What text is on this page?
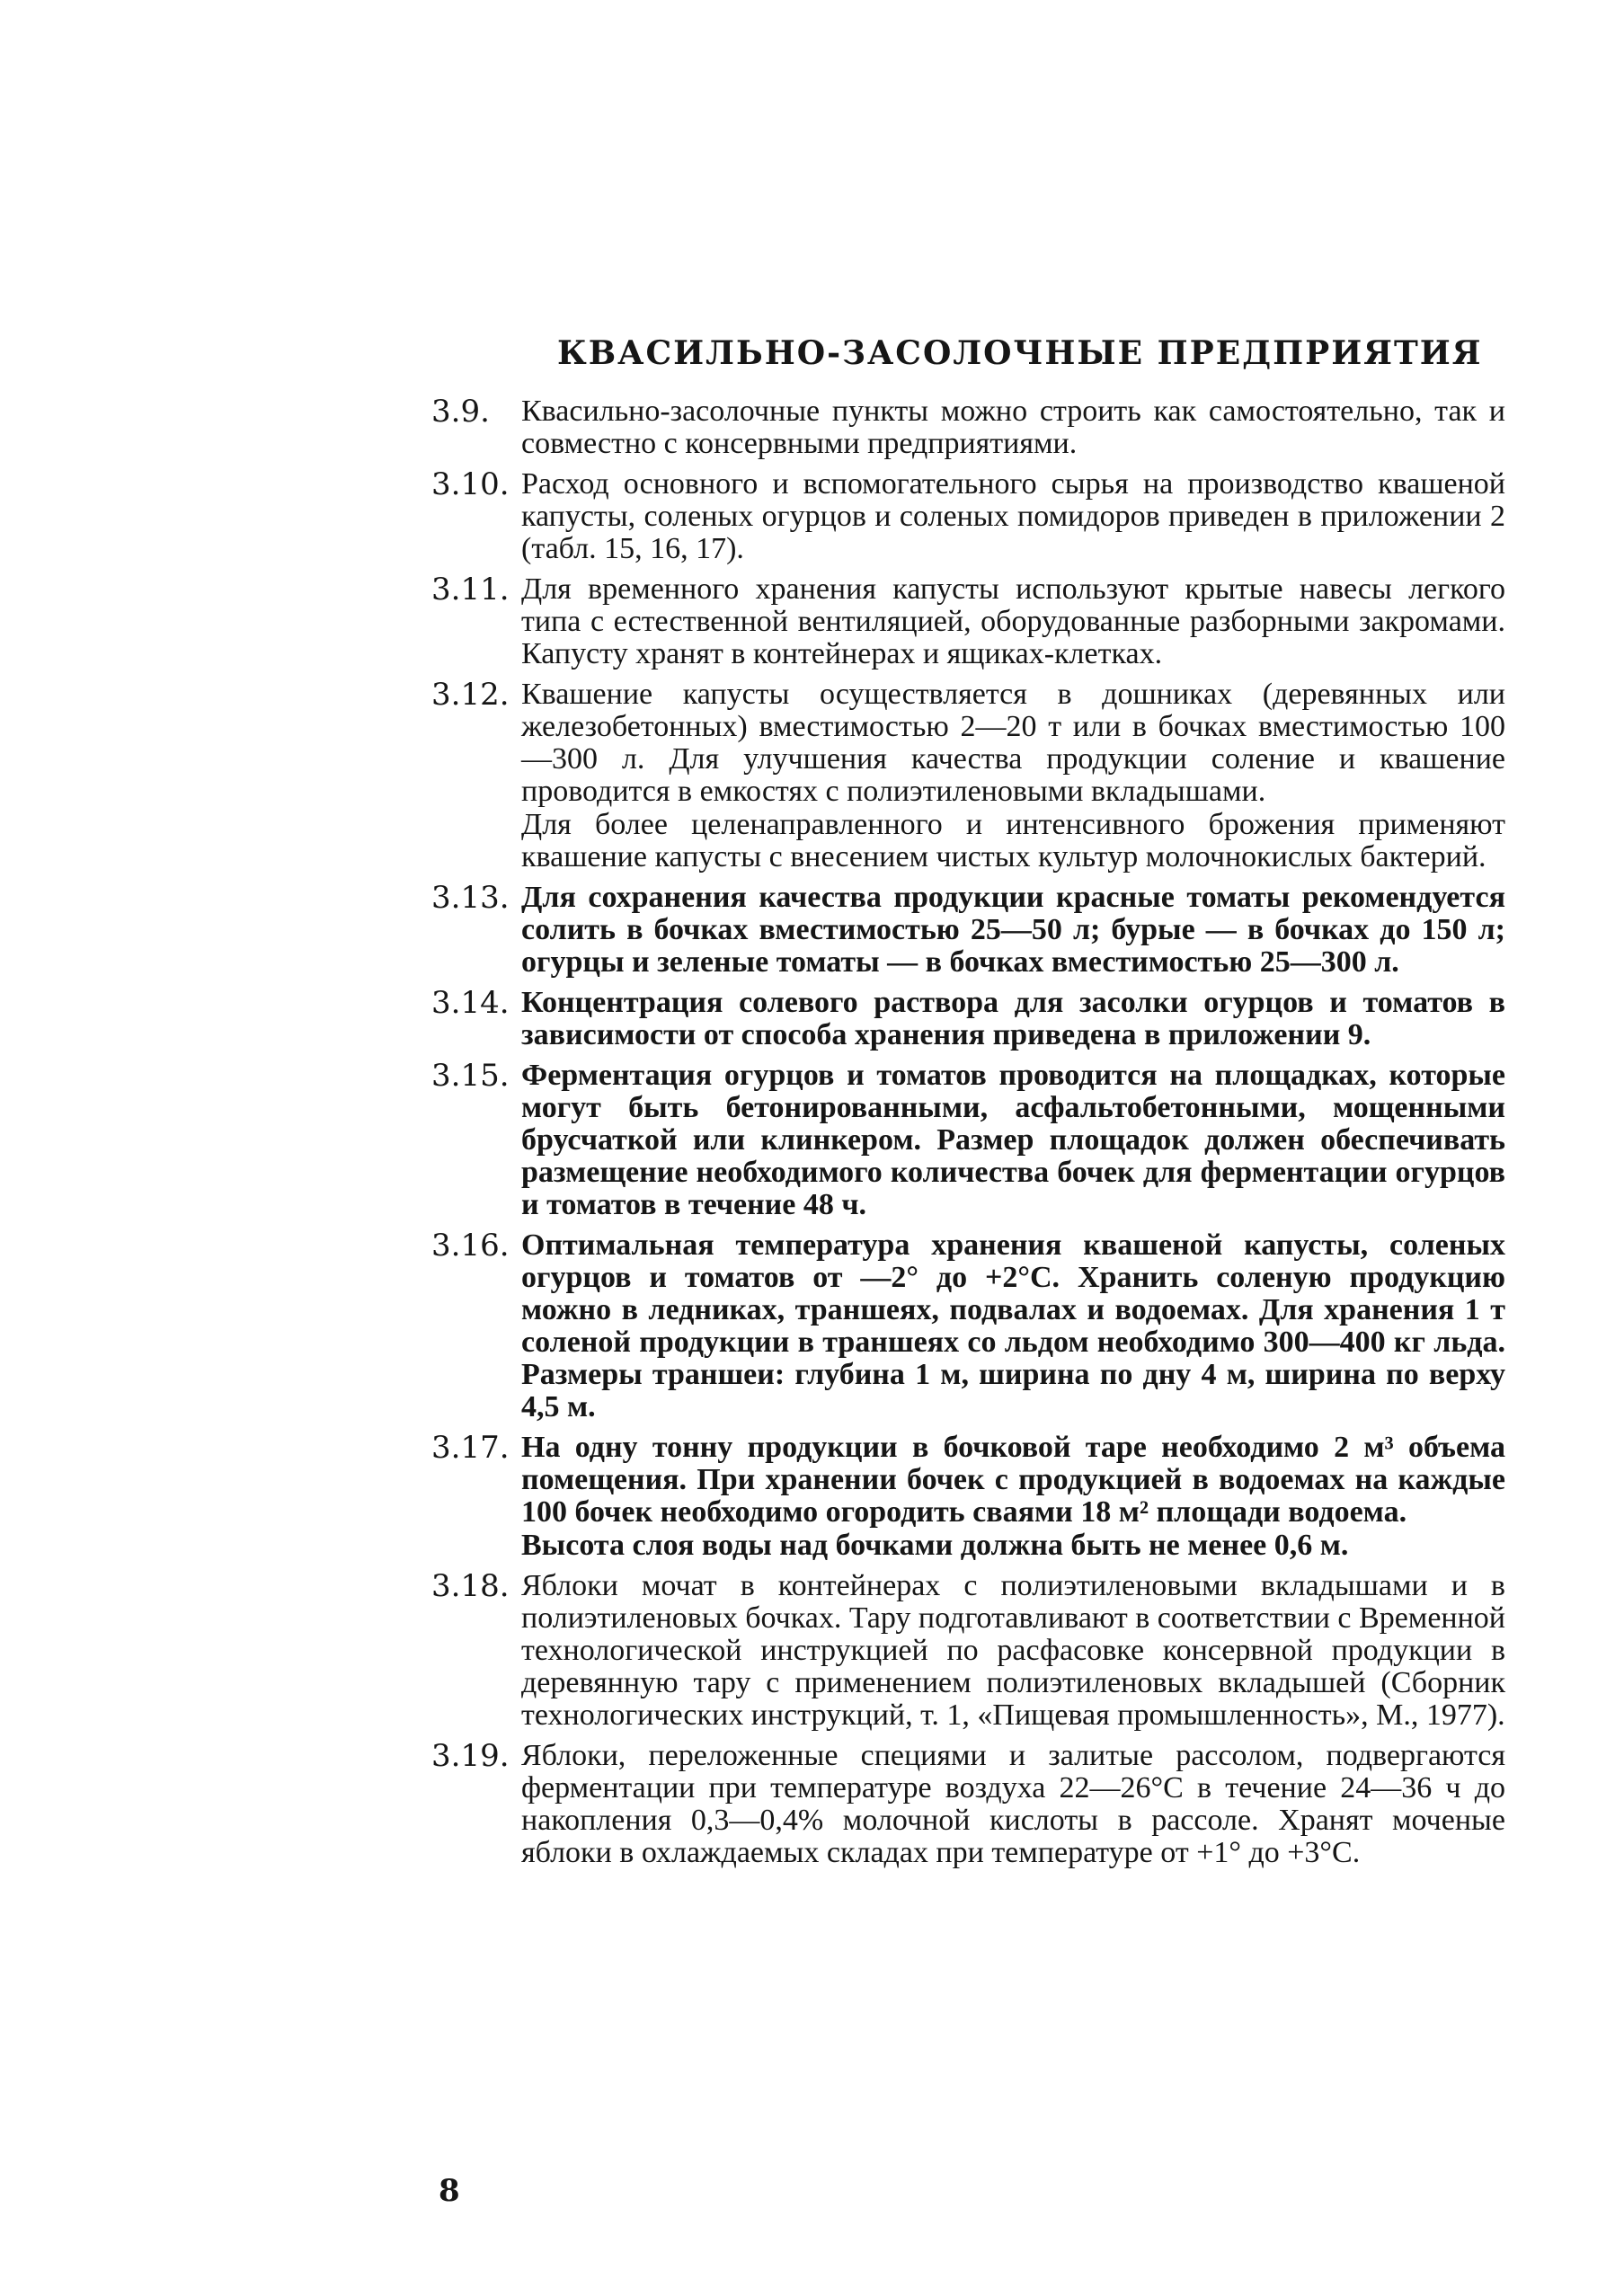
КВАСИЛЬНО-ЗАСОЛОЧНЫЕ ПРЕДПРИЯТИЯ
3.9.	Квасильно-засолочные пункты можно строить как самостоятельно, так и совместно с консервными предприятиями.

3.10. Расход основного и вспомогательного сырья на производство квашеной капусты, соленых огурцов и соленых помидоров приведен в приложении 2 (табл. 15, 16, 17).

3.11. Для временного хранения капусты используют крытые навесы легкого типа с естественной вентиляцией, оборудованные разборными закромами. Капусту хранят в контейнерах и ящиках-клетках.

3.12. Квашение капусты осуществляется в дошниках (деревянных или железобетонных) вместимостью 2—20 т или в бочках вместимостью 100—300 л. Для улучшения качества продукции соление и квашение проводится в емкостях с полиэтиленовыми вкладышами.

Для более целенаправленного и интенсивного брожения применяют квашение капусты с внесением чистых культур молочнокислых бактерий.

3.13. Для сохранения качества продукции красные томаты рекомендуется солить в бочках вместимостью 25—50 л; бурые — в бочках до 150 л; огурцы и зеленые томаты — в бочках вместимостью 25—300 л.

3.14. Концентрация солевого раствора для засолки огурцов и томатов в зависимости от способа хранения приведена в приложении 9.

3.15. Ферментация огурцов и томатов проводится на площадках, которые могут быть бетонированными, асфальтобетонными, мощенными брусчаткой или клинкером. Размер площадок должен обеспечивать размещение необходимого количества бочек для ферментации огурцов и томатов в течение 48 ч.

3.16. Оптимальная температура хранения квашеной капусты, соленых огурцов и томатов от —2° до +2°С. Хранить соленую продукцию можно в ледниках, траншеях, подвалах и водоемах. Для хранения 1 т соленой продукции в траншеях со льдом необходимо 300—400 кг льда. Размеры траншеи: глубина 1 м, ширина по дну 4 м, ширина по верху 4,5 м.

3.17. На одну тонну продукции в бочковой таре необходимо 2 м³ объема помещения. При хранении бочек с продукцией в водоемах на каждые 100 бочек необходимо огородить сваями 18 м² площади водоема.

Высота слоя воды над бочками должна быть не менее 0,6 м.

3.18. Яблоки мочат в контейнерах с полиэтиленовыми вкладышами и в полиэтиленовых бочках. Тару подготавливают в соответствии с Временной технологической инструкцией по расфасовке консервной продукции в деревянную тару с применением полиэтиленовых вкладышей (Сборник технологических инструкций, т. 1, «Пищевая промышленность», М., 1977).

3.19. Яблоки, переложенные специями и залитые рассолом, подвергаются ферментации при температуре воздуха 22—26°С в течение 24—36 ч до накопления 0,3—0,4% молочной кислоты в рассоле. Хранят моченые яблоки в охлаждаемых складах при температуре от +1° до +3°С.

8
